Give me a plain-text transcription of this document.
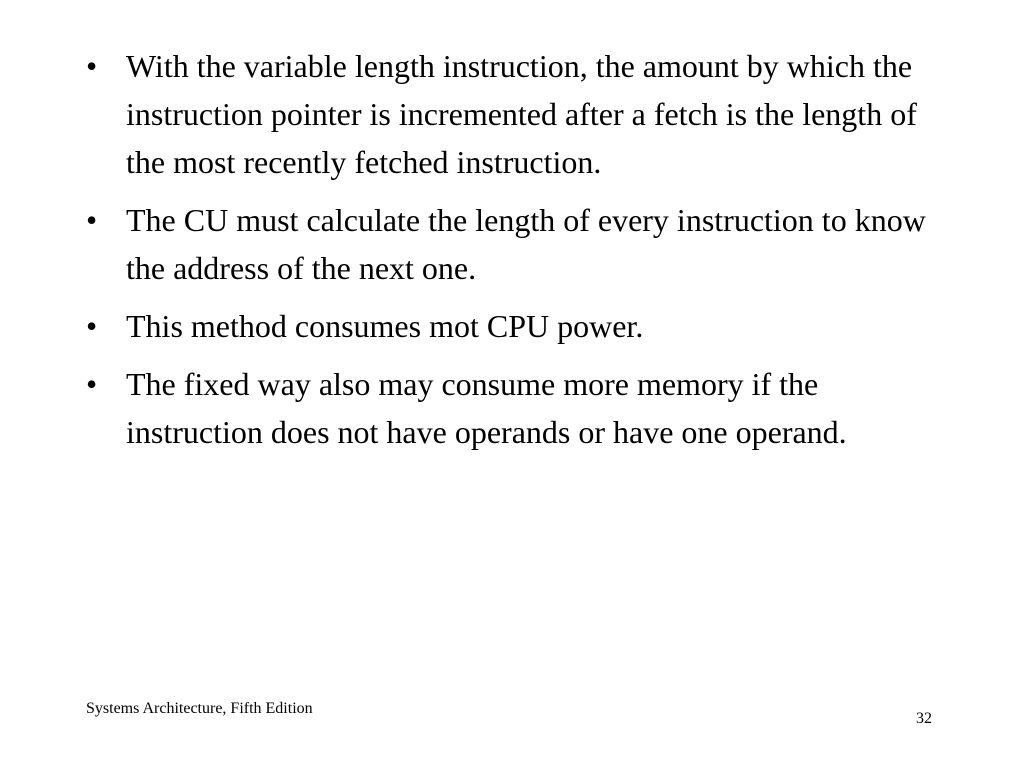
• With the variable length instruction, the amount by which the instruction pointer is incremented after a fetch is the length of the most recently fetched instruction.
• The CU must calculate the length of every instruction to know the address of the next one.
• This method consumes mot CPU power.
• The fixed way also may consume more memory if the instruction does not have operands or have one operand.
Systems Architecture, Fifth Edition
32
